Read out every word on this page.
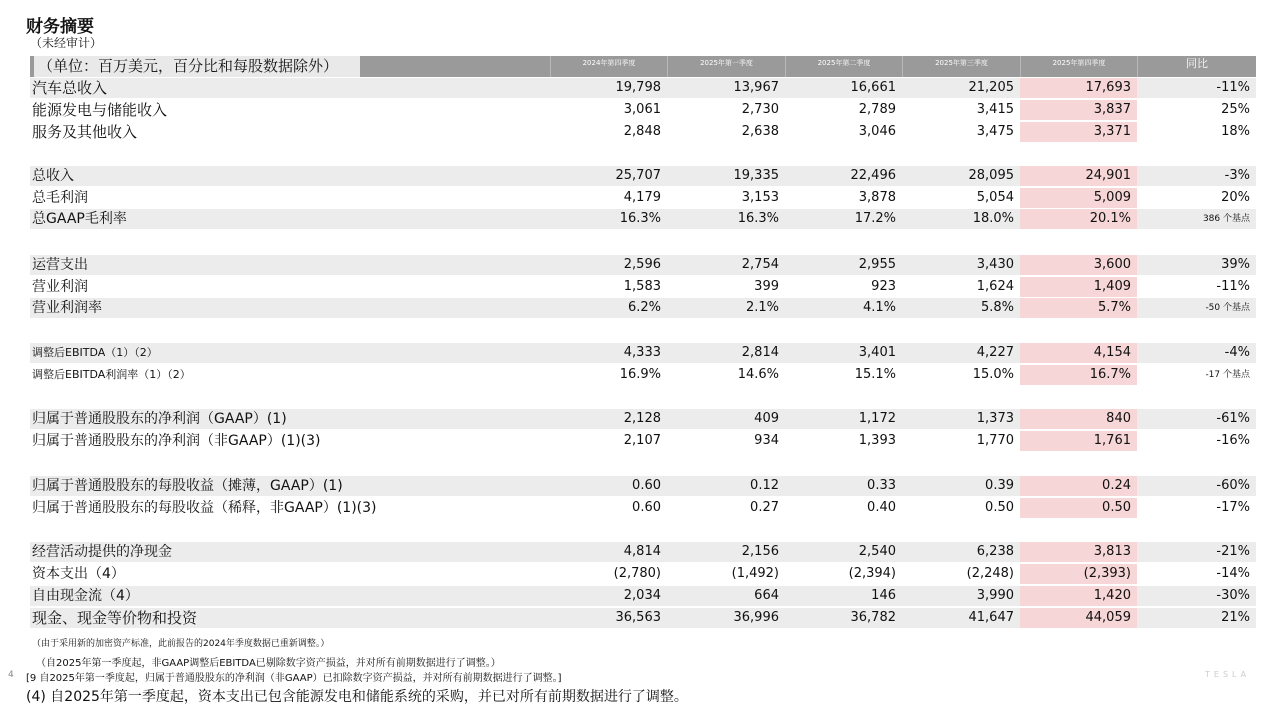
财务摘要
（未经审计）
（单位：百万美元，百分比和每股数据除外）	2024年第四季度	2025年第一季度	2025年第二季度	2025年第三季度	2025年第四季度	同比
汽车总收入	19,798	13,967	16,661	21,205	17,693	-11%
能源发电与储能收入	3,061	2,730	2,789	3,415	3,837	25%
服务及其他收入	2,848	2,638	3,046	3,475	3,371	18%
总收入	25,707	19,335	22,496	28,095	24,901	-3%
总毛利润	4,179	3,153	3,878	5,054	5,009	20%
总GAAP毛利率	16.3%	16.3%	17.2%	18.0%	20.1%	386 个基点
运营支出	2,596	2,754	2,955	3,430	3,600	39%
营业利润	1,583	399	923	1,624	1,409	-11%
营业利润率	6.2%	2.1%	4.1%	5.8%	5.7%	-50 个基点
调整后EBITDA（1）（2）	4,333	2,814	3,401	4,227	4,154	-4%
调整后EBITDA利润率（1）（2）	16.9%	14.6%	15.1%	15.0%	16.7%	-17 个基点
归属于普通股股东的净利润（GAAP）(1)	2,128	409	1,172	1,373	840	-61%
归属于普通股股东的净利润（非GAAP）(1)(3)	2,107	934	1,393	1,770	1,761	-16%
归属于普通股股东的每股收益（摊薄，GAAP）(1)	0.60	0.12	0.33	0.39	0.24	-60%
归属于普通股股东的每股收益（稀释，非GAAP）(1)(3)	0.60	0.27	0.40	0.50	0.50	-17%
经营活动提供的净现金	4,814	2,156	2,540	6,238	3,813	-21%
资本支出（4）	(2,780)	(1,492)	(2,394)	(2,248)	(2,393)	-14%
自由现金流（4）	2,034	664	146	3,990	1,420	-30%
现金、现金等价物和投资	36,563	36,996	36,782	41,647	44,059	21%
（由于采用新的加密资产标准，此前报告的2024年季度数据已重新调整。）
（自2025年第一季度起，非GAAP调整后EBITDA已剔除数字资产损益，并对所有前期数据进行了调整。）
[9 自2025年第一季度起，归属于普通股股东的净利润（非GAAP）已扣除数字资产损益，并对所有前期数据进行了调整。]
(4) 自2025年第一季度起，资本支出已包含能源发电和储能系统的采购，并已对所有前期数据进行了调整。
4	TESLA
